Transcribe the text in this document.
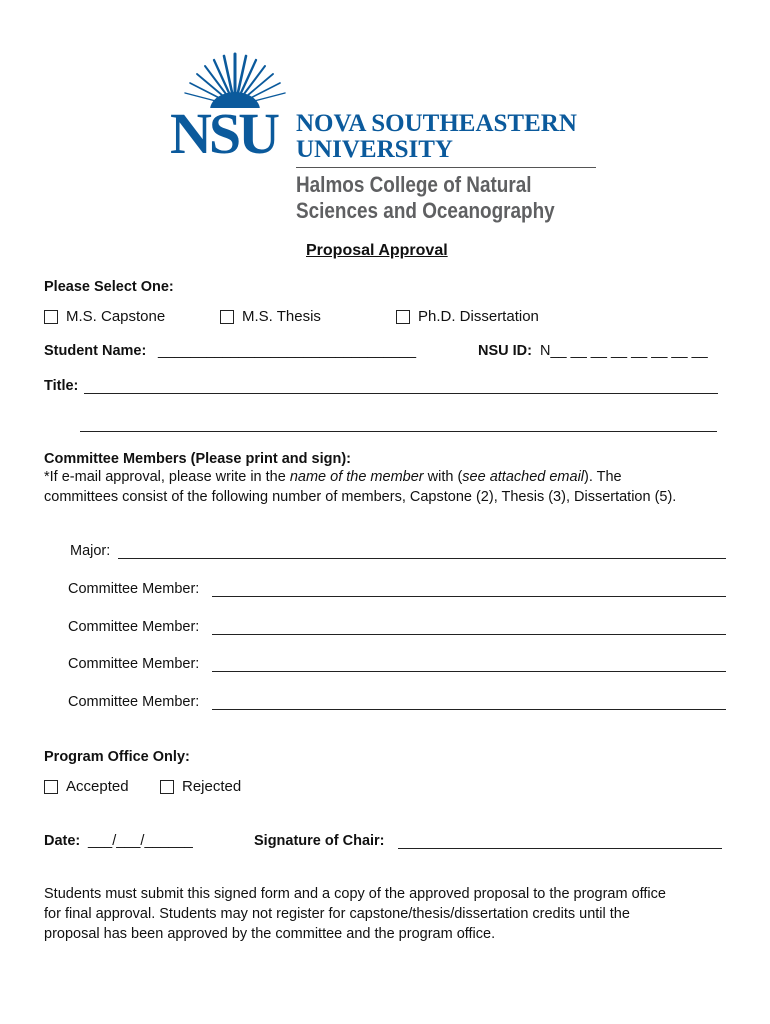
NSU NOVA SOUTHEASTERN
UNIVERSITY
Halmos College of Natural
Sciences and Oceanography
Proposal Approval
Please Select One:
M.S. Capstone	M.S. Thesis	Ph.D. Dissertation
Student Name: ________________________________	NSU ID: N__ __ __ __ __ __ __ __
Title:
Committee Members (Please print and sign):
*If e-mail approval, please write in the name of the member with (see attached email). The
committees consist of the following number of members, Capstone (2), Thesis (3), Dissertation (5).
Major:
Committee Member:
Committee Member:
Committee Member:
Committee Member:
Program Office Only:
Accepted	Rejected
Date: ___/___/______	Signature of Chair:
Students must submit this signed form and a copy of the approved proposal to the program office
for final approval. Students may not register for capstone/thesis/dissertation credits until the
proposal has been approved by the committee and the program office.
